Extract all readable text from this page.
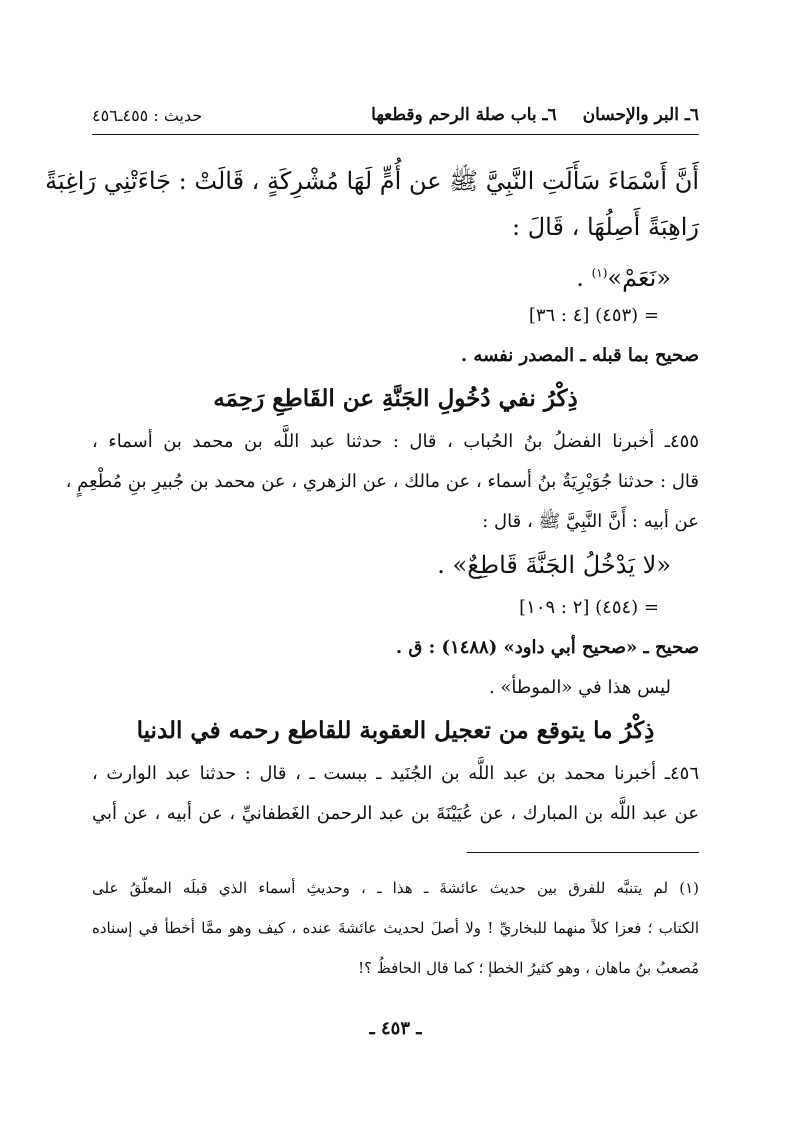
حديث : ٤٥٥ـ٤٥٦	٦ـ البر والإحسان
٦ـ باب صلة الرحم وقطعها
أَنَّ أَسْمَاءَ سَأَلَتِ النَّبِيَّ ﷺ عن أُمٍّ لَهَا مُشْرِكَةٍ ، قَالَتْ : جَاءَتْنِي رَاغِبَةً
رَاهِبَةً أَصِلُهَا ، قَالَ :
«نَعَمْ»$^{(١)}$ .
= (٤٥٣) [٤ : ٣٦]
صحيح بما قبله ـ المصدر نفسه .
ذِكْرُ نفي دُخُولِ الجَنَّةِ عن القَاطِعِ رَحِمَه
٤٥٥ـ أخبرنا الفضلُ بنُ الحُباب ، قال : حدثنا عبد اللَّه بن محمد بن أسماء ،
قال : حدثنا جُوَيْرِيَةُ بنُ أسماء ، عن مالك ، عن الزهري ، عن محمد بن جُبيرِ بنِ مُطْعِمٍ ،
عن أبيه : أَنَّ النَّبِيَّ ﷺ ، قال :
«لا يَدْخُلُ الجَنَّةَ قَاطِعٌ» .
= (٤٥٤) [٢ : ١٠٩]
صحيح ـ «صحيح أبي داود» (١٤٨٨) : ق .
ليس هذا في «الموطأ» .
ذِكْرُ ما يتوقع من تعجيل العقوبة للقاطع رحمه في الدنيا
٤٥٦ـ أخبرنا محمد بن عبد اللَّه بن الجُنَيد ـ ببست ـ ، قال : حدثنا عبد الوارث ،
عن عبد اللَّه بن المبارك ، عن عُيَيْنَةَ بن عبد الرحمن الغَطفانيِّ ، عن أبيه ، عن أبي
(١) لم يتنبَّه للفرق بين حديث عائشةَ ـ هذا ـ ، وحديثِ أسماء الذي قبلَه المعلّقُ على
الكتاب ؛ فعزا كلاً منهما للبخاريِّ ! ولا أصلَ لحديث عائشةَ عنده ، كيف وهو ممَّا أخطأ في إسناده
مُصعبُ بنُ ماهان ، وهو كثيرُ الخطإ ؛ كما قال الحافظُ ؟!
ـ ٤٥٣ ـ
